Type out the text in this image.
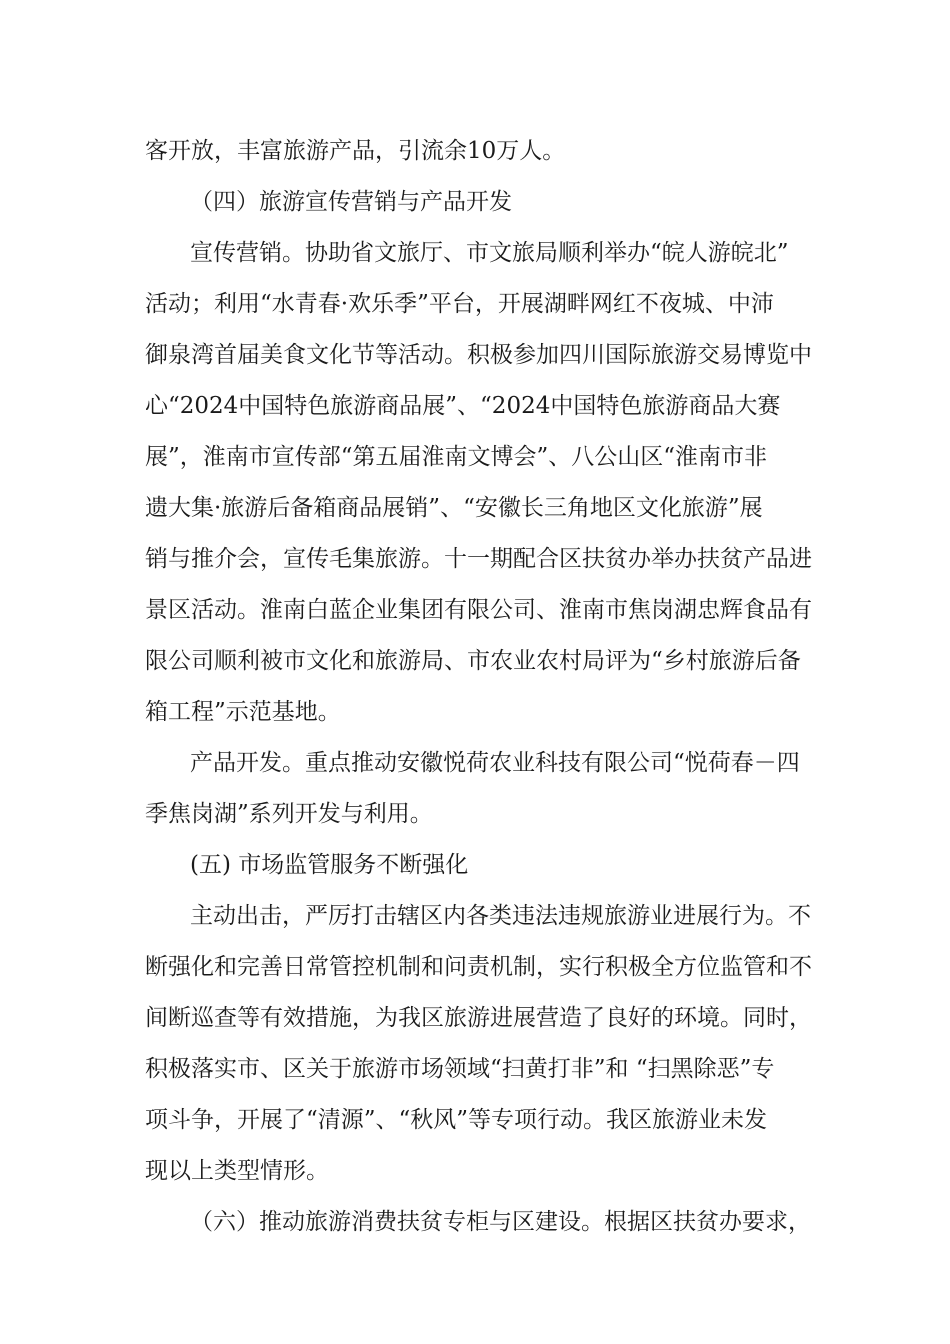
客开放，丰富旅游产品，引流余10万人。
（四）旅游宣传营销与产品开发
宣传营销。协助省文旅厅、市文旅局顺利举办“皖人游皖北”
活动；利用“水青春·欢乐季”平台，开展湖畔网红不夜城、中沛
御泉湾首届美食文化节等活动。积极参加四川国际旅游交易博览中
心“2024中国特色旅游商品展”、“2024中国特色旅游商品大赛
展”，淮南市宣传部“第五届淮南文博会”、八公山区“淮南市非
遗大集·旅游后备箱商品展销”、“安徽长三角地区文化旅游”展
销与推介会，宣传毛集旅游。十一期配合区扶贫办举办扶贫产品进
景区活动。淮南白蓝企业集团有限公司、淮南市焦岗湖忠辉食品有
限公司顺利被市文化和旅游局、市农业农村局评为“乡村旅游后备
箱工程”示范基地。
产品开发。重点推动安徽悦荷农业科技有限公司“悦荷春－四
季焦岗湖”系列开发与利用。
(五) 市场监管服务不断强化
主动出击，严厉打击辖区内各类违法违规旅游业进展行为。不
断强化和完善日常管控机制和问责机制，实行积极全方位监管和不
间断巡查等有效措施，为我区旅游进展营造了良好的环境。同时，
积极落实市、区关于旅游市场领域“扫黄打非”和 “扫黑除恶”专
项斗争，开展了“清源”、“秋风”等专项行动。我区旅游业未发
现以上类型情形。
（六）推动旅游消费扶贫专柜与区建设。根据区扶贫办要求，
